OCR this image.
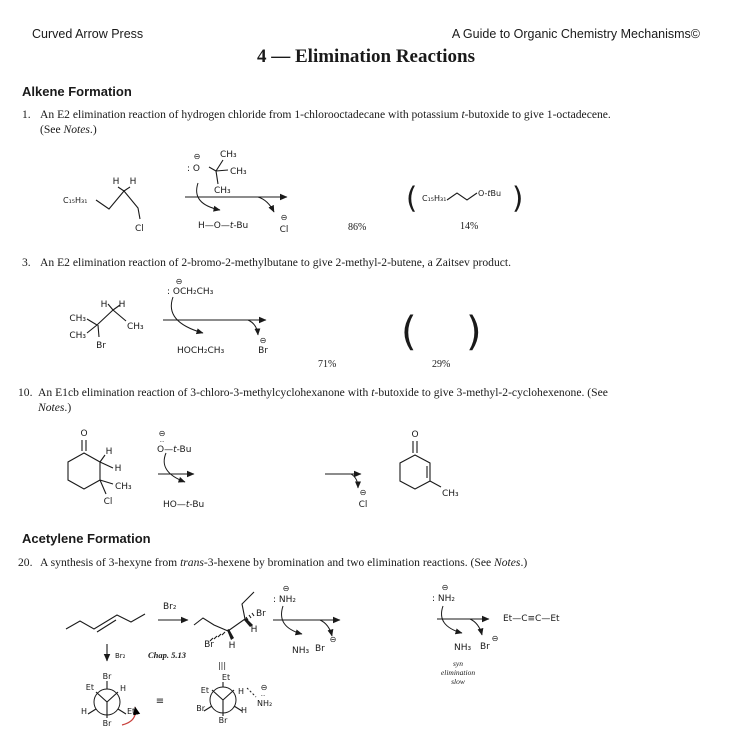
Curved Arrow Press	A Guide to Organic Chemistry Mechanisms©
4 — Elimination Reactions
Alkene Formation
1. An E2 elimination reaction of hydrogen chloride from 1-chlorooctadecane with potassium t-butoxide to give 1-octadecene.
(See Notes.)
C₁₅H₃₁
H H
Cl
⊖
: O
CH₃
CH₃
CH₃
H—O—t-Bu
⊖
Cl	86%
( C₁₅H₃₁
O-tBu )
14%
3. An E2 elimination reaction of 2-bromo-2-methylbutane to give 2-methyl-2-butene, a Zaitsev product.
H H
CH₃
CH₃
CH₃
Br
⊖
: OCH₂CH₃
HOCH₂CH₃
⊖
Br
71%
( )
29%
10. An E1cb elimination reaction of 3-chloro-3-methylcyclohexanone with t-butoxide to give 3-methyl-2-cyclohexenone. (See
Notes.)
O
H
H
CH₃
Cl
⊖
··
O—t-Bu
HO—t-Bu
⊖
Cl
O
CH₃
Acetylene Formation
20. A synthesis of 3-hexyne from trans-3-hexene by bromination and two elimination reactions. (See Notes.)
Br₂
Br₂	Chap. 5.13
Br H
Br
H
|||
⊖
: NH₂
NH₃ Br
⊖
⊖
: NH₂
NH₃ Br
⊖
syn
elimination
slow
Et—C≡C—Et
Br
Et	H
H	Et
Br
≡
Et
Et	H
Br	H
Br
⊖
··
NH₂
